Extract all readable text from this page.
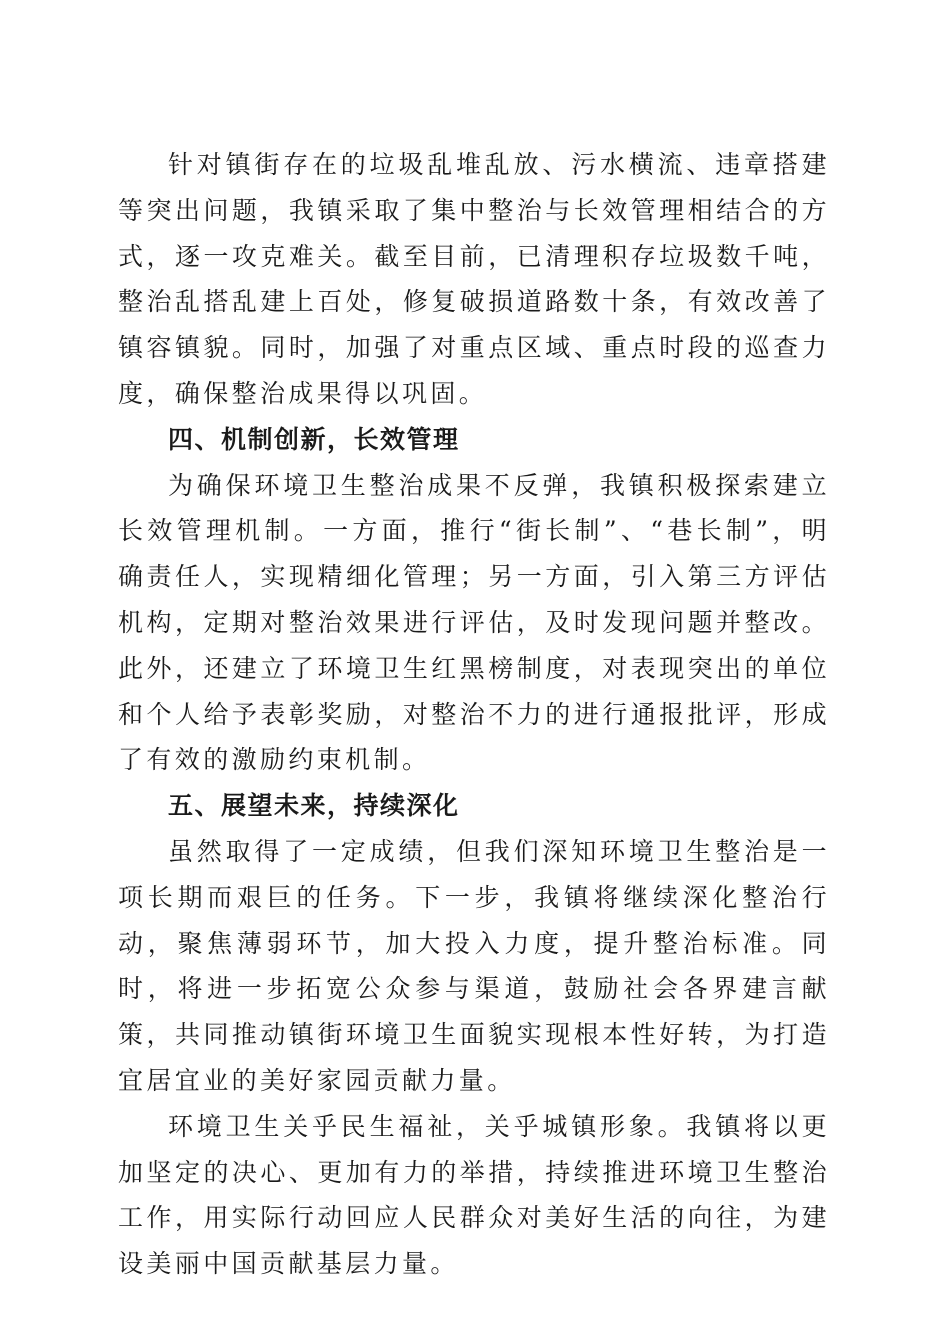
针对镇街存在的垃圾乱堆乱放、污水横流、违章搭建等突出问题，我镇采取了集中整治与长效管理相结合的方式，逐一攻克难关。截至目前，已清理积存垃圾数千吨，整治乱搭乱建上百处，修复破损道路数十条，有效改善了镇容镇貌。同时，加强了对重点区域、重点时段的巡查力度，确保整治成果得以巩固。

四、机制创新，长效管理

为确保环境卫生整治成果不反弹，我镇积极探索建立长效管理机制。一方面，推行“街长制”、“巷长制”，明确责任人，实现精细化管理；另一方面，引入第三方评估机构，定期对整治效果进行评估，及时发现问题并整改。此外，还建立了环境卫生红黑榜制度，对表现突出的单位和个人给予表彰奖励，对整治不力的进行通报批评，形成了有效的激励约束机制。

五、展望未来，持续深化

虽然取得了一定成绩，但我们深知环境卫生整治是一项长期而艰巨的任务。下一步，我镇将继续深化整治行动，聚焦薄弱环节，加大投入力度，提升整治标准。同时，将进一步拓宽公众参与渠道，鼓励社会各界建言献策，共同推动镇街环境卫生面貌实现根本性好转，为打造宜居宜业的美好家园贡献力量。

环境卫生关乎民生福祉，关乎城镇形象。我镇将以更加坚定的决心、更加有力的举措，持续推进环境卫生整治工作，用实际行动回应人民群众对美好生活的向往，为建设美丽中国贡献基层力量。
